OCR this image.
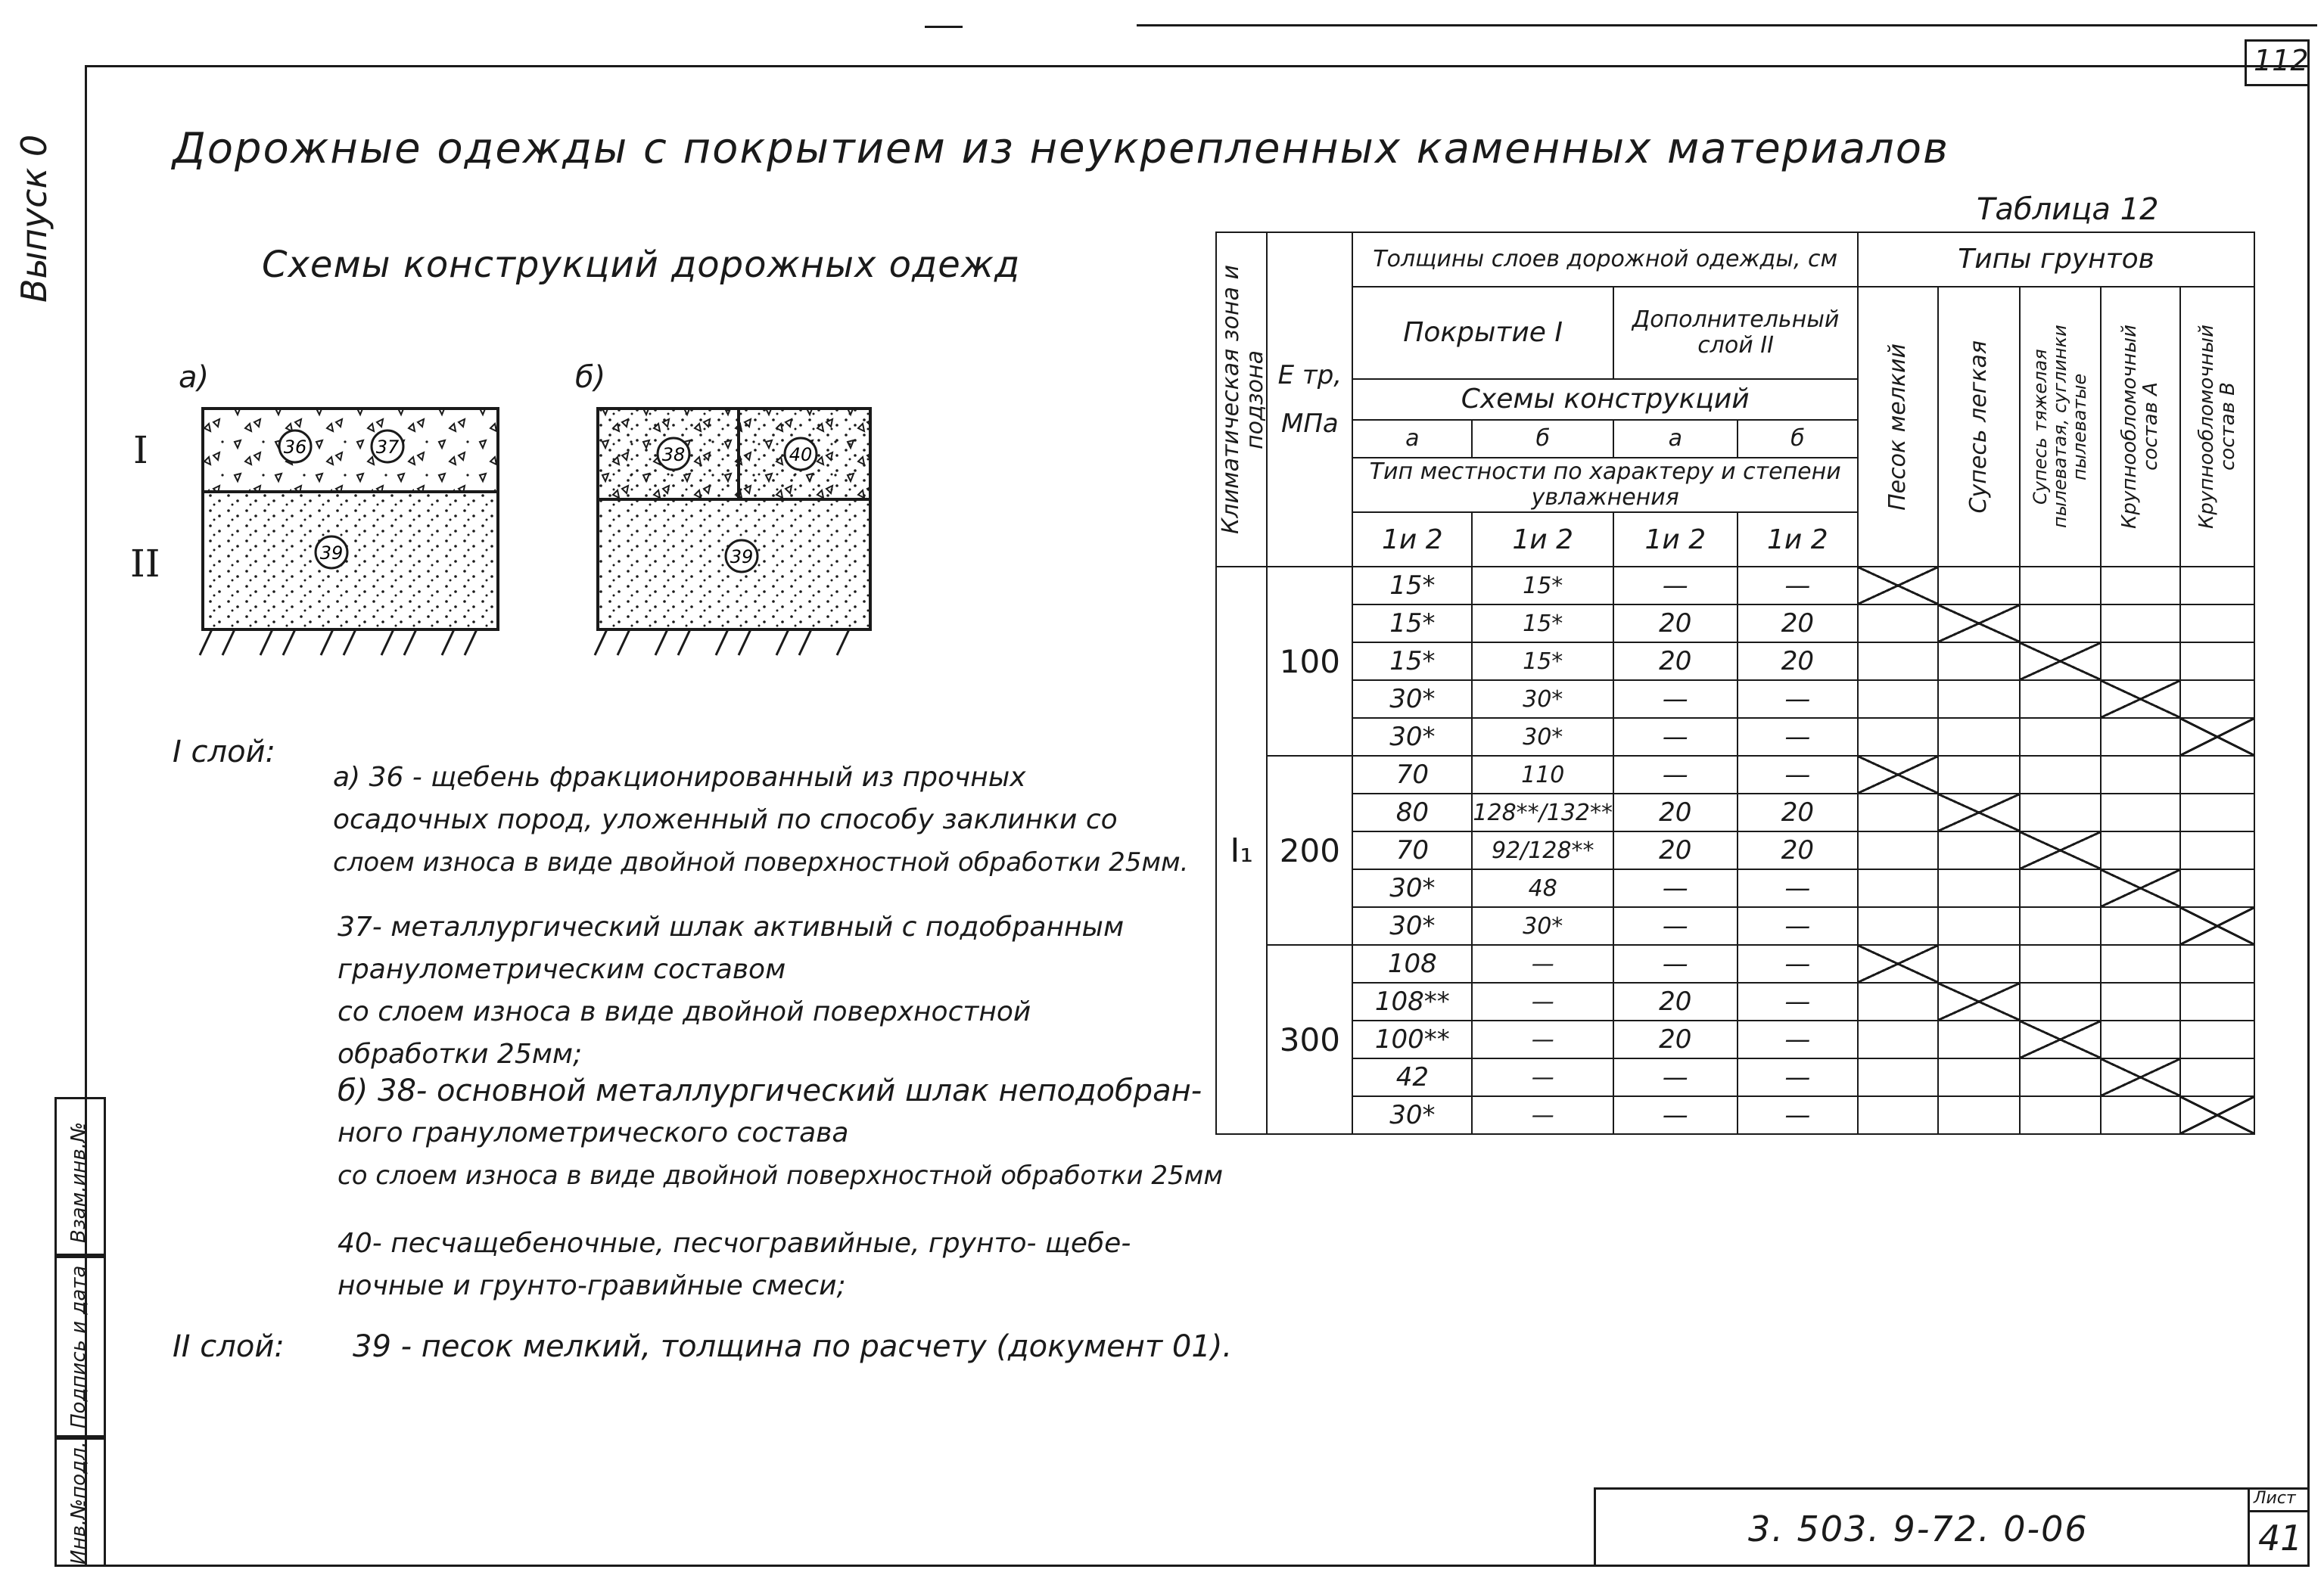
112
Выпуск 0
Взам.инв.№
Подпись и дата
Инв.№подл.
Дорожные одежды с покрытием из неукрепленных каменных материалов
Схемы конструкций дорожных одежд
а)	б)
I
II
36	37
39
38	40
39
I слой:
а) 36 - щебень фракционированный из прочных
осадочных пород, уложенный по способу заклинки со
слоем износа в виде двойной поверхностной обработки 25мм.
37- металлургический шлак активный с подобранным
гранулометрическим составом
со слоем износа в виде двойной поверхностной
обработки 25мм;
б) 38- основной металлургический шлак неподобран-
ного гранулометрического состава
со слоем износа в виде двойной поверхностной обработки 25мм
40- песчащебеночные, песчогравийные, грунто- щебе-
ночные и грунто-гравийные смеси;
II слой: 39 - песок мелкий, толщина по расчету (документ 01).
Таблица 12
Климатическая зона и подзона	E тр, МПа	Толщины слоев дорожной одежды, см				Типы грунтов				
		Покрытие I		Дополнительный слой II		Песок мелкий	Супесь легкая	Супесь тяжелая пылеватая, суглинки пылеватые	Крупнообломочный состав А	Крупнообломочный состав В

		Схемы конструкций								
		а	б	а	б					
		Тип местности по характеру и степени увлажнения								
		1и 2	1и 2	1и 2	1и 2					
I₁	100	15*	15*	—	—					
		15*	15*	20	20					
		15*	15*	20	20					
		30*	30*	—	—					
		30*	30*	—	—					
	200	70	110	—	—					
		80	128**/132**	20	20					
		70	92/128**	20	20					
		30*	48	—	—					
		30*	30*	—	—					
	300	108	—	—	—					
		108**	—	20	—					
		100**	—	20	—					
		42	—	—	—					
		30*	—	—	—					
3. 503. 9-72. 0-06
Лист
41
